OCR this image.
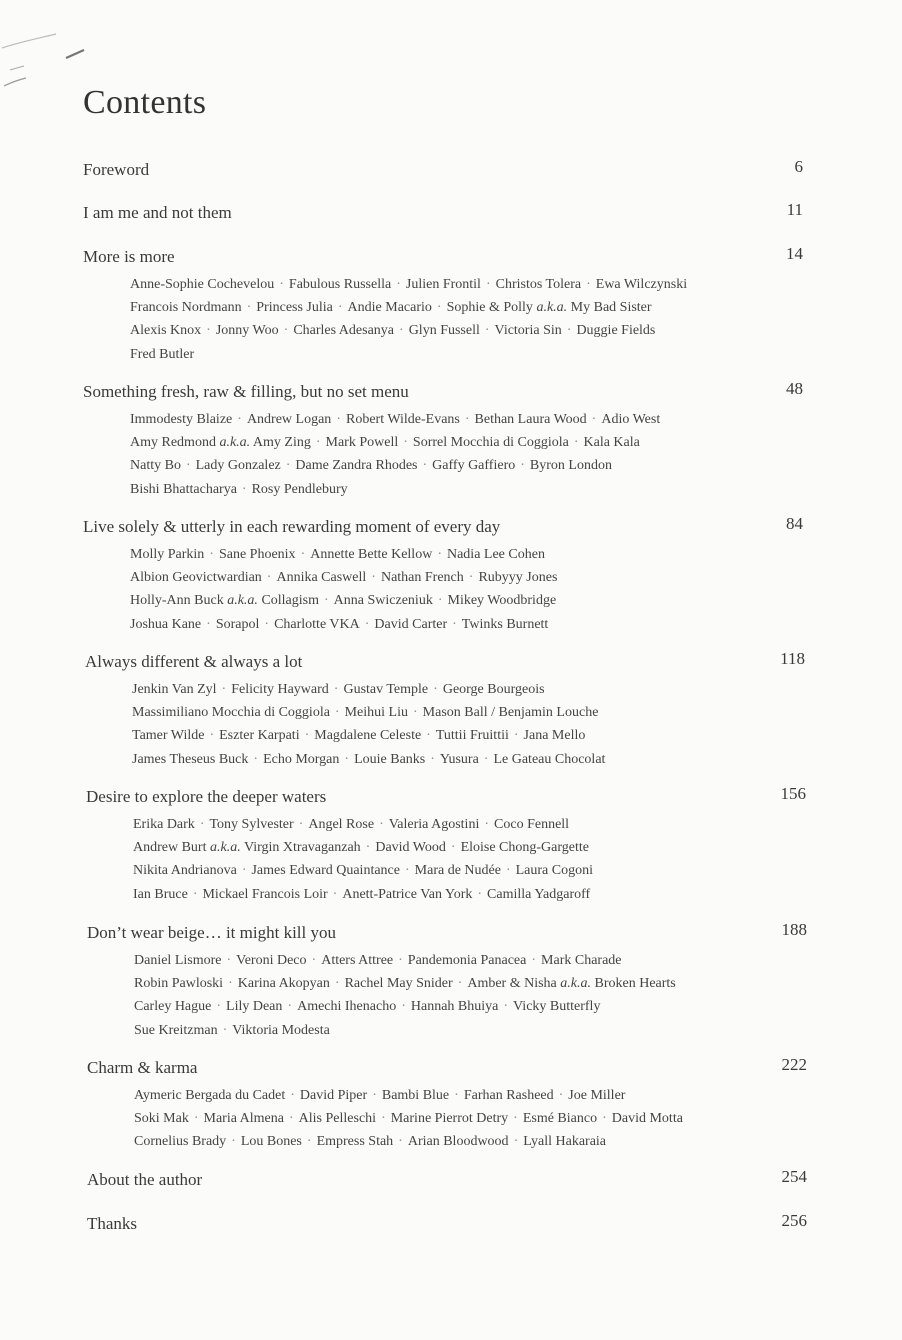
Contents
Foreword	6
I am me and not them	11
More is more	14
Anne-Sophie Cochevelou · Fabulous Russella · Julien Frontil · Christos Tolera · Ewa Wilczynski
Francois Nordmann · Princess Julia · Andie Macario · Sophie & Polly a.k.a. My Bad Sister
Alexis Knox · Jonny Woo · Charles Adesanya · Glyn Fussell · Victoria Sin · Duggie Fields
Fred Butler
Something fresh, raw & filling, but no set menu	48
Immodesty Blaize · Andrew Logan · Robert Wilde-Evans · Bethan Laura Wood · Adio West
Amy Redmond a.k.a. Amy Zing · Mark Powell · Sorrel Mocchia di Coggiola · Kala Kala
Natty Bo · Lady Gonzalez · Dame Zandra Rhodes · Gaffy Gaffiero · Byron London
Bishi Bhattacharya · Rosy Pendlebury
Live solely & utterly in each rewarding moment of every day	84
Molly Parkin · Sane Phoenix · Annette Bette Kellow · Nadia Lee Cohen
Albion Geovictwardian · Annika Caswell · Nathan French · Rubyyy Jones
Holly-Ann Buck a.k.a. Collagism · Anna Swiczeniuk · Mikey Woodbridge
Joshua Kane · Sorapol · Charlotte VKA · David Carter · Twinks Burnett
Always different & always a lot	118
Jenkin Van Zyl · Felicity Hayward · Gustav Temple · George Bourgeois
Massimiliano Mocchia di Coggiola · Meihui Liu · Mason Ball / Benjamin Louche
Tamer Wilde · Eszter Karpati · Magdalene Celeste · Tuttii Fruittii · Jana Mello
James Theseus Buck · Echo Morgan · Louie Banks · Yusura · Le Gateau Chocolat
Desire to explore the deeper waters	156
Erika Dark · Tony Sylvester · Angel Rose · Valeria Agostini · Coco Fennell
Andrew Burt a.k.a. Virgin Xtravaganzah · David Wood · Eloise Chong-Gargette
Nikita Andrianova · James Edward Quaintance · Mara de Nudée · Laura Cogoni
Ian Bruce · Mickael Francois Loir · Anett-Patrice Van York · Camilla Yadgaroff
Don’t wear beige… it might kill you	188
Daniel Lismore · Veroni Deco · Atters Attree · Pandemonia Panacea · Mark Charade
Robin Pawloski · Karina Akopyan · Rachel May Snider · Amber & Nisha a.k.a. Broken Hearts
Carley Hague · Lily Dean · Amechi Ihenacho · Hannah Bhuiya · Vicky Butterfly
Sue Kreitzman · Viktoria Modesta
Charm & karma	222
Aymeric Bergada du Cadet · David Piper · Bambi Blue · Farhan Rasheed · Joe Miller
Soki Mak · Maria Almena · Alis Pelleschi · Marine Pierrot Detry · Esmé Bianco · David Motta
Cornelius Brady · Lou Bones · Empress Stah · Arian Bloodwood · Lyall Hakaraia
About the author	254
Thanks	256
